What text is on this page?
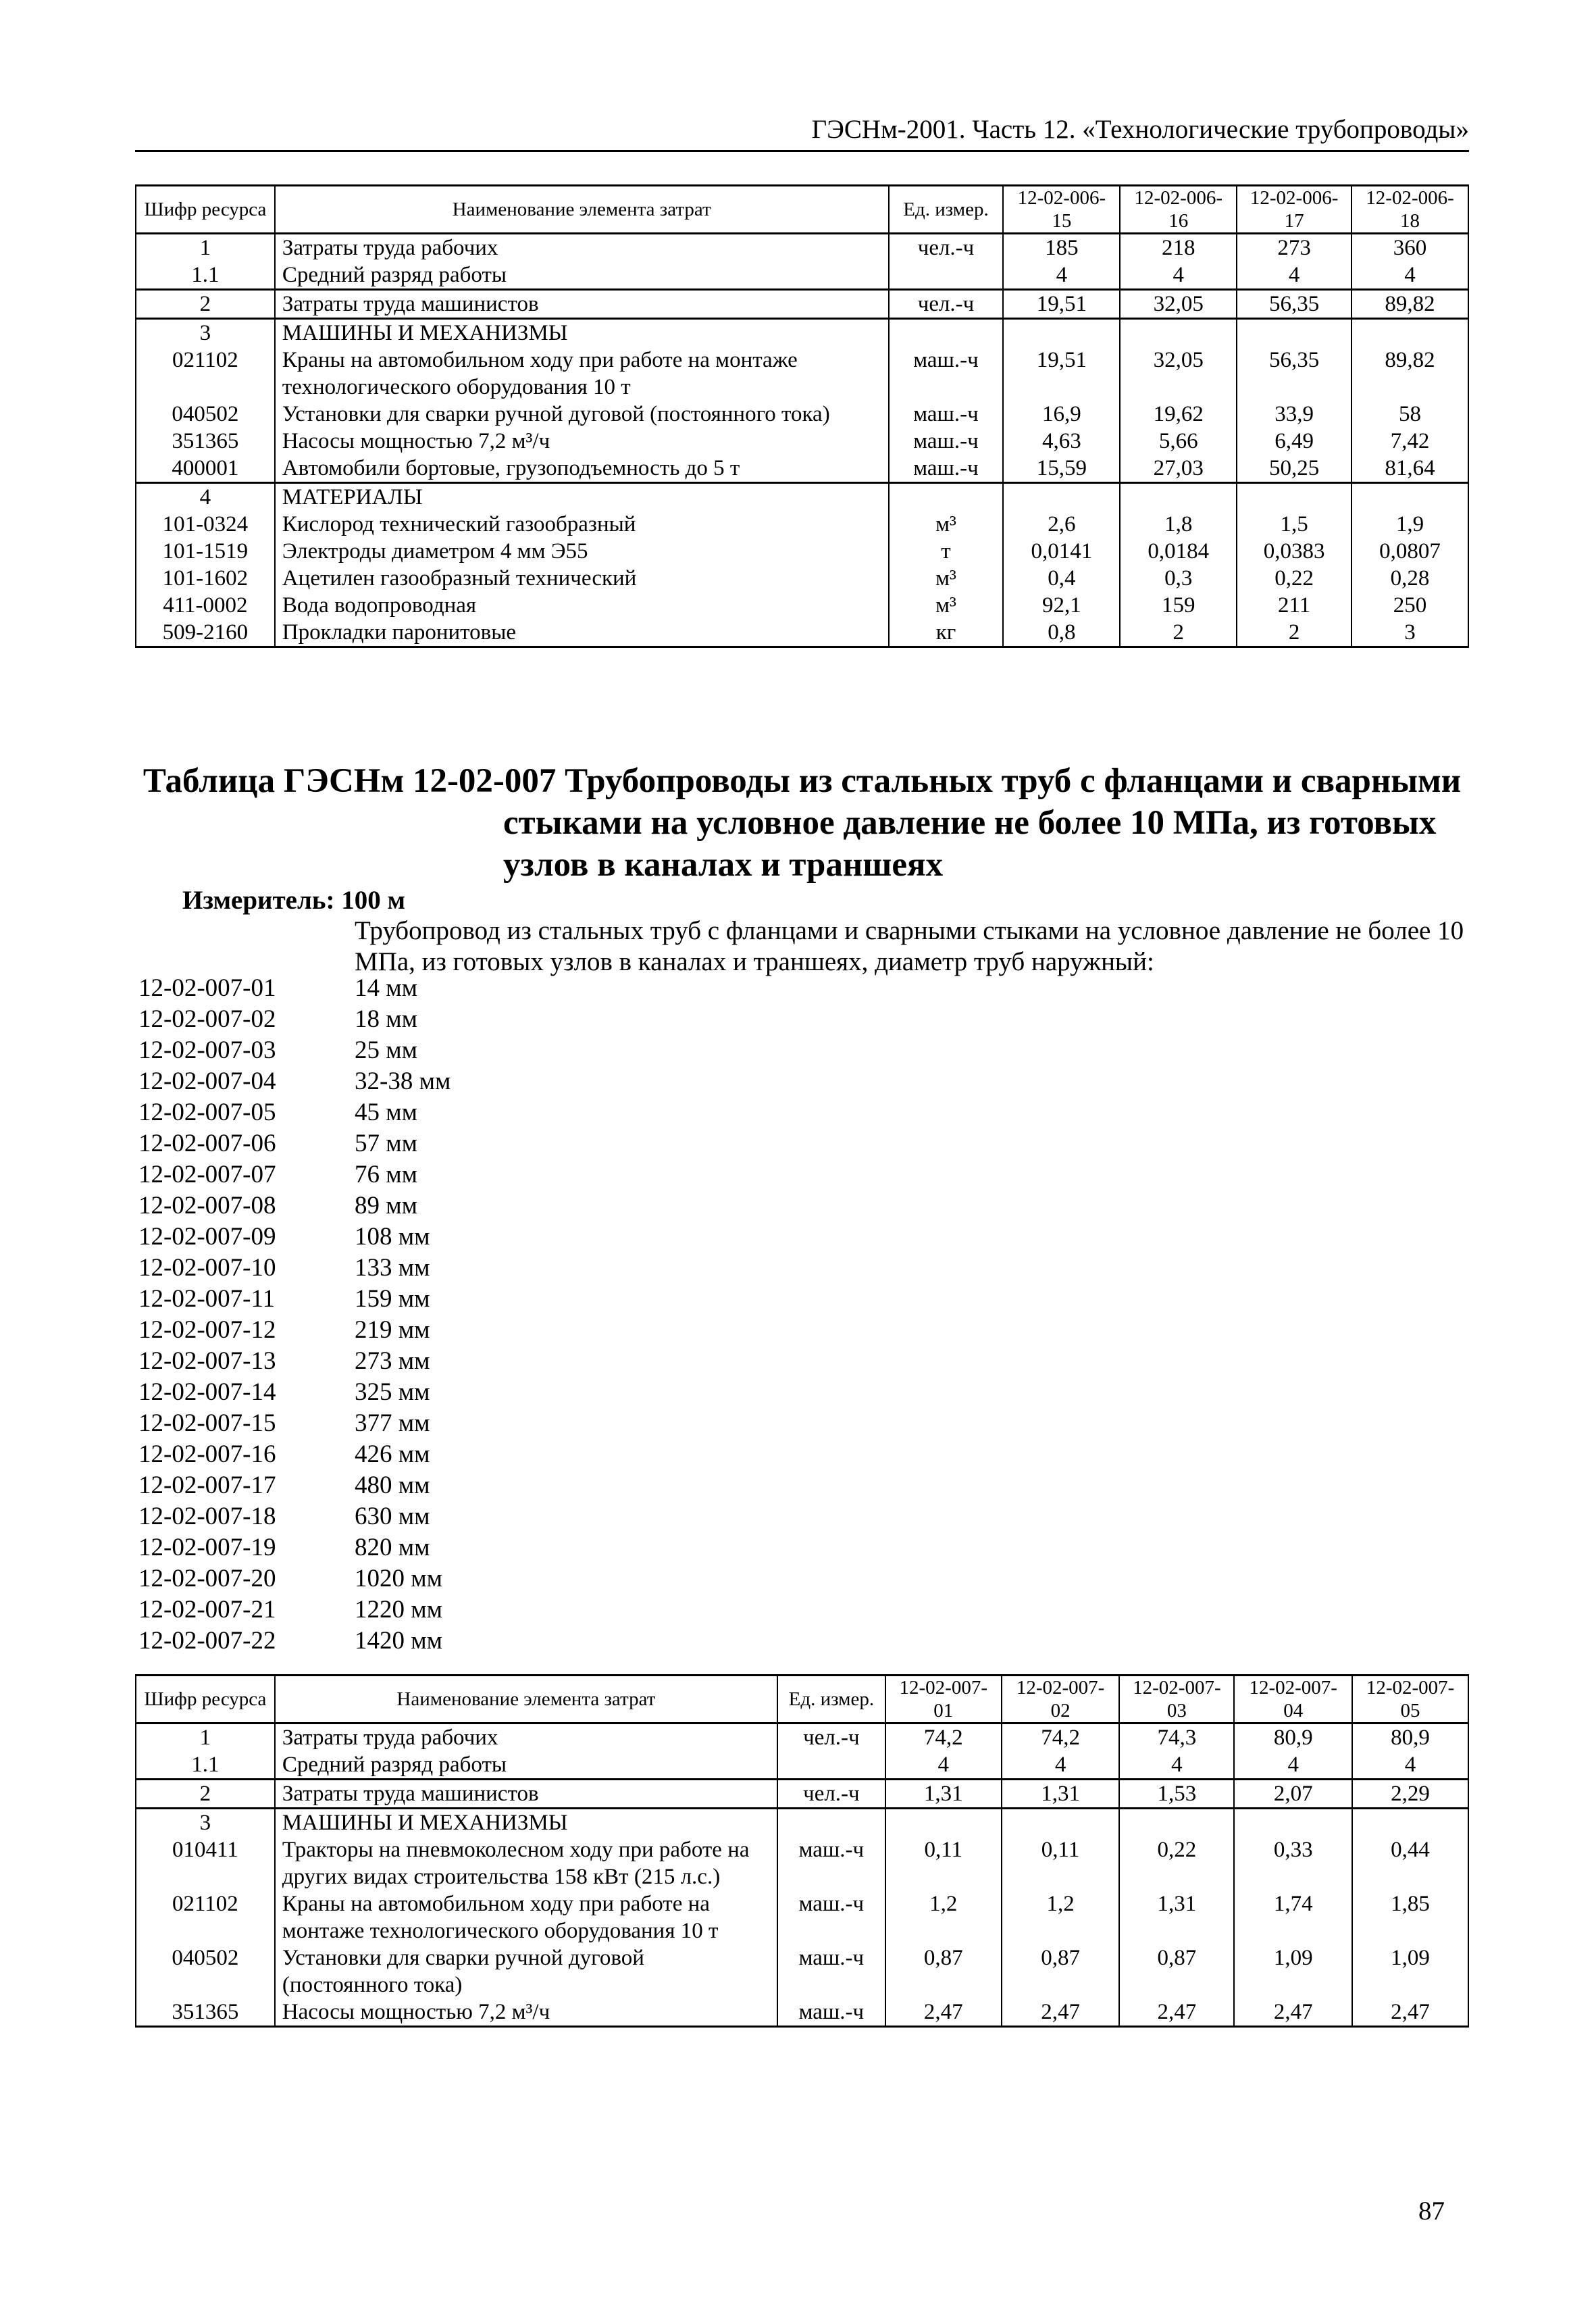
ГЭСНм-2001. Часть 12. «Технологические трубопроводы»
Шифр ресурса	Наименование элемента затрат	Ед. измер.	12-02-006-15	12-02-006-16	12-02-006-17	12-02-006-18
1	Затраты труда рабочих	чел.-ч	185	218	273	360
1.1	Средний разряд работы		4	4	4	4
2	Затраты труда машинистов	чел.-ч	19,51	32,05	56,35	89,82
3	МАШИНЫ И МЕХАНИЗМЫ					
021102	Краны на автомобильном ходу при работе на монтаже технологического оборудования 10 т	маш.-ч	19,51	32,05	56,35	89,82
040502	Установки для сварки ручной дуговой (постоянного тока)	маш.-ч	16,9	19,62	33,9	58
351365	Насосы мощностью 7,2 м³/ч	маш.-ч	4,63	5,66	6,49	7,42
400001	Автомобили бортовые, грузоподъемность до 5 т	маш.-ч	15,59	27,03	50,25	81,64
4	МАТЕРИАЛЫ					
101-0324	Кислород технический газообразный	м³	2,6	1,8	1,5	1,9
101-1519	Электроды диаметром 4 мм Э55	т	0,0141	0,0184	0,0383	0,0807
101-1602	Ацетилен газообразный технический	м³	0,4	0,3	0,22	0,28
411-0002	Вода водопроводная	м³	92,1	159	211	250
509-2160	Прокладки паронитовые	кг	0,8	2	2	3
Таблица ГЭСНм 12-02-007 Трубопроводы из стальных труб с фланцами и сварными
стыками на условное давление не более 10 МПа, из готовых
узлов в каналах и траншеях
Измеритель: 100 м
Трубопровод из стальных труб с фланцами и сварными стыками на условное давление не более 10 МПа, из готовых узлов в каналах и траншеях, диаметр труб наружный:
12-02-007-01	14 мм
12-02-007-02	18 мм
12-02-007-03	25 мм
12-02-007-04	32-38 мм
12-02-007-05	45 мм
12-02-007-06	57 мм
12-02-007-07	76 мм
12-02-007-08	89 мм
12-02-007-09	108 мм
12-02-007-10	133 мм
12-02-007-11	159 мм
12-02-007-12	219 мм
12-02-007-13	273 мм
12-02-007-14	325 мм
12-02-007-15	377 мм
12-02-007-16	426 мм
12-02-007-17	480 мм
12-02-007-18	630 мм
12-02-007-19	820 мм
12-02-007-20	1020 мм
12-02-007-21	1220 мм
12-02-007-22	1420 мм
Шифр ресурса	Наименование элемента затрат	Ед. измер.	12-02-007-01	12-02-007-02	12-02-007-03	12-02-007-04	12-02-007-05
1	Затраты труда рабочих	чел.-ч	74,2	74,2	74,3	80,9	80,9
1.1	Средний разряд работы		4	4	4	4	4
2	Затраты труда машинистов	чел.-ч	1,31	1,31	1,53	2,07	2,29
3	МАШИНЫ И МЕХАНИЗМЫ						
010411	Тракторы на пневмоколесном ходу при работе на других видах строительства 158 кВт (215 л.с.)	маш.-ч	0,11	0,11	0,22	0,33	0,44
021102	Краны на автомобильном ходу при работе на монтаже технологического оборудования 10 т	маш.-ч	1,2	1,2	1,31	1,74	1,85
040502	Установки для сварки ручной дуговой (постоянного тока)	маш.-ч	0,87	0,87	0,87	1,09	1,09
351365	Насосы мощностью 7,2 м³/ч	маш.-ч	2,47	2,47	2,47	2,47	2,47
87
